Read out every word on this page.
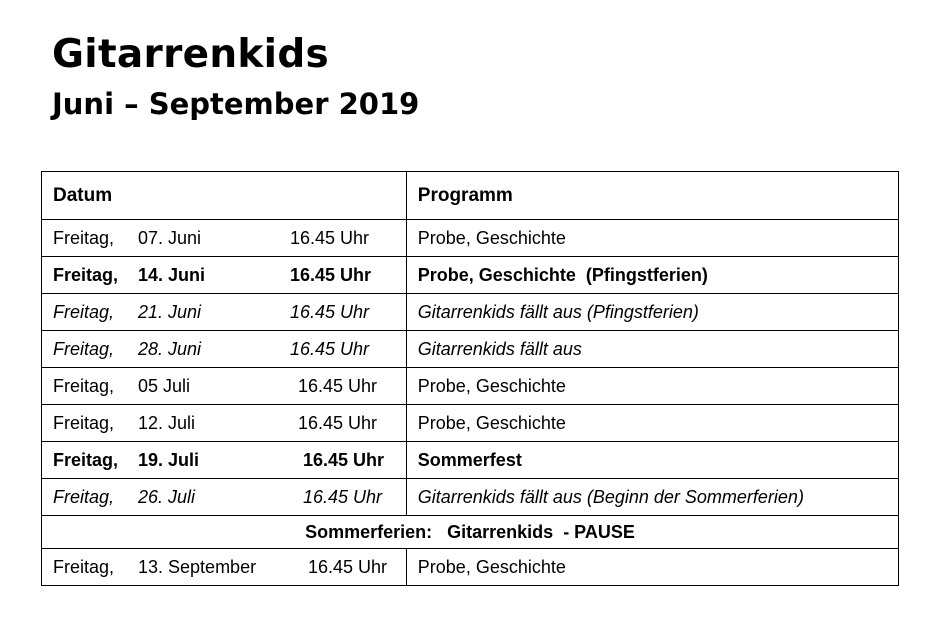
Gitarrenkids
Juni – September 2019
Datum	Programm
Freitag, 07. Juni 16.45 Uhr	Probe, Geschichte
Freitag, 14. Juni 16.45 Uhr	Probe, Geschichte  (Pfingstferien)
Freitag, 21. Juni 16.45 Uhr	Gitarrenkids fällt aus (Pfingstferien)
Freitag, 28. Juni 16.45 Uhr	Gitarrenkids fällt aus
Freitag, 05 Juli 16.45 Uhr	Probe, Geschichte
Freitag, 12. Juli 16.45 Uhr	Probe, Geschichte
Freitag, 19. Juli 16.45 Uhr	Sommerfest
Freitag, 26. Juli 16.45 Uhr	Gitarrenkids fällt aus (Beginn der Sommerferien)
Sommerferien:   Gitarrenkids  - PAUSE	
Freitag, 13. September 16.45 Uhr	Probe, Geschichte
